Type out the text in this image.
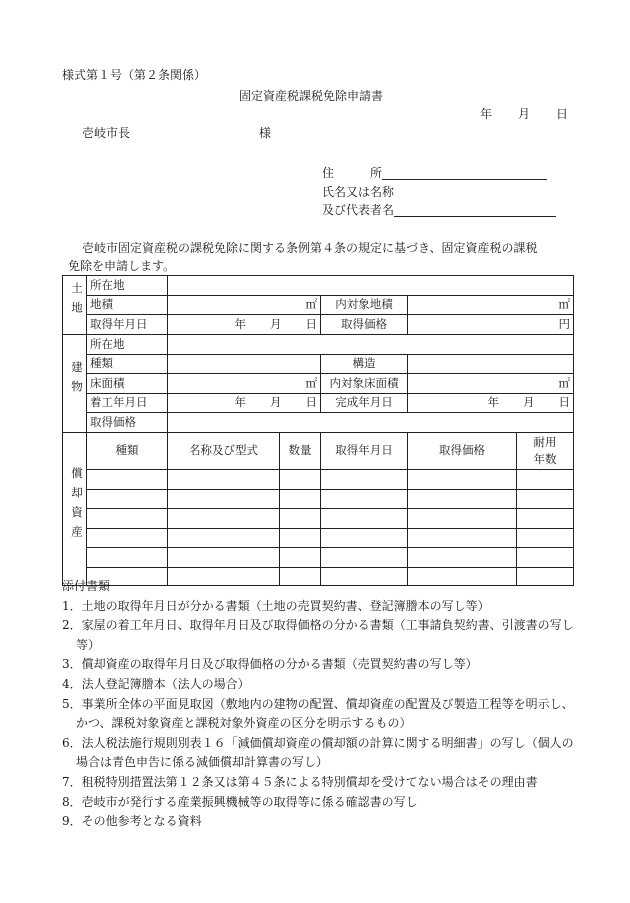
様式第１号（第２条関係）
固定資産税課税免除申請書
年 月 日
壱岐市長	様
住　　　所
氏名又は名称
及び代表者名
壱岐市固定資産税の課税免除に関する条例第４条の規定に基づき、固定資産税の課税
免除を申請します。
土地	所在地					
	地積	㎡		内対象地積	㎡	
	取得年月日	年 月 日		取得価格	円	
建物	所在地					
	種類			構造		
	床面積	㎡		内対象床面積	㎡	
	着工年月日	年 月 日		完成年月日	年 月 日	
	取得価格					
償却資産	種類	名称及び型式	数量	取得年月日	取得価格	耐用年数

添付書類
1．土地の取得年月日が分かる書類（土地の売買契約書、登記簿謄本の写し等）
2．家屋の着工年月日、取得年月日及び取得価格の分かる書類（工事請負契約書、引渡書の写し等）
3．償却資産の取得年月日及び取得価格の分かる書類（売買契約書の写し等）
4．法人登記簿謄本（法人の場合）
5．事業所全体の平面見取図（敷地内の建物の配置、償却資産の配置及び製造工程等を明示し、かつ、課税対象資産と課税対象外資産の区分を明示するもの）
6．法人税法施行規則別表１６「減価償却資産の償却額の計算に関する明細書」の写し（個人の場合は青色申告に係る減価償却計算書の写し）
7．租税特別措置法第１２条又は第４５条による特別償却を受けてない場合はその理由書
8．壱岐市が発行する産業振興機械等の取得等に係る確認書の写し
9．その他参考となる資料
